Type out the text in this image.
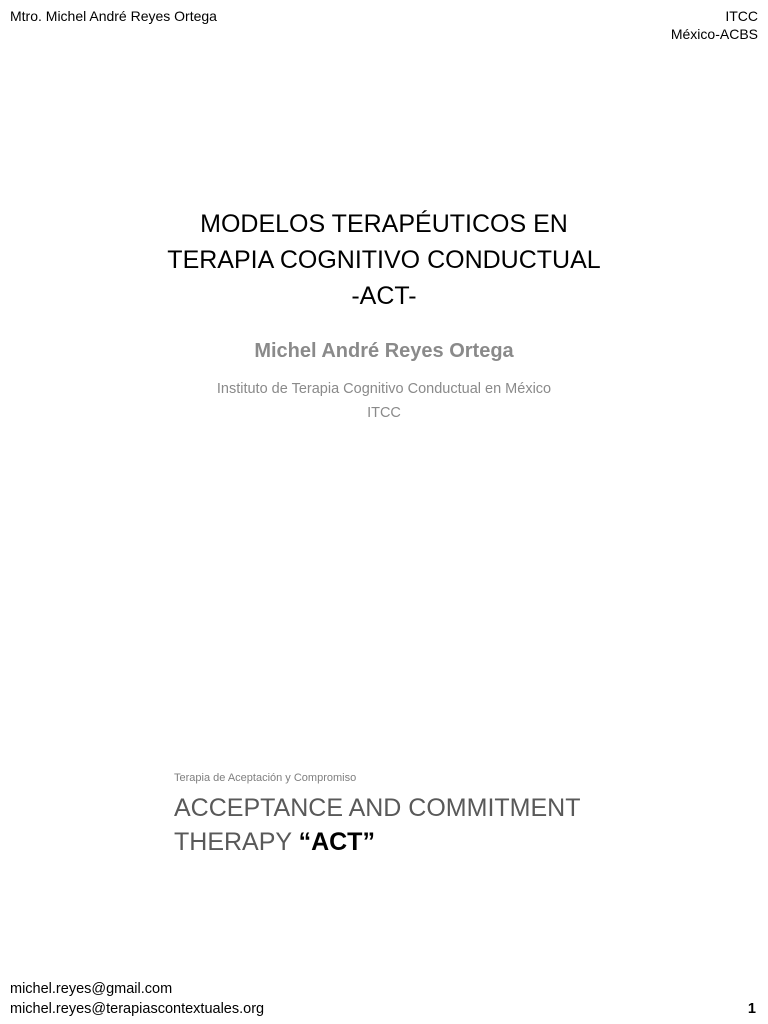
Mtro. Michel André Reyes Ortega	ITCC
México-ACBS
MODELOS TERAPÉUTICOS EN
TERAPIA COGNITIVO CONDUCTUAL
-ACT-
Michel André Reyes Ortega
Instituto de Terapia Cognitivo Conductual en México
ITCC
Terapia de Aceptación y Compromiso
ACCEPTANCE AND COMMITMENT
THERAPY “ACT”
michel.reyes@gmail.com
michel.reyes@terapiascontextuales.org	1
